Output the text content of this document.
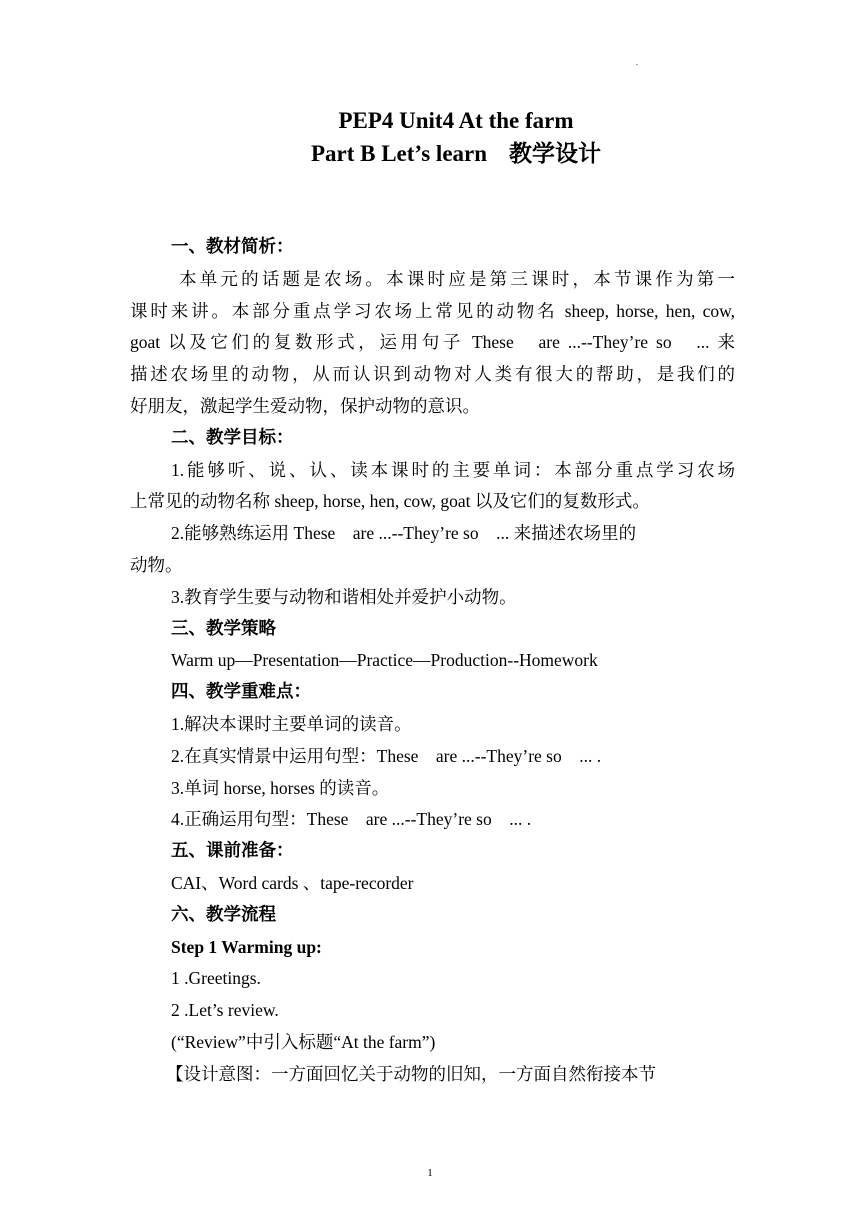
.
PEP4 Unit4 At the farm
Part B Let’s learn 教学设计
一、教材简析：
本单元的话题是农场。本课时应是第三课时，本节课作为第一
课时来讲。本部分重点学习农场上常见的动物名 sheep, horse, hen, cow,
goat 以及它们的复数形式，运用句子 These　are ...--They’re so　... 来
描述农场里的动物，从而认识到动物对人类有很大的帮助，是我们的
好朋友，激起学生爱动物，保护动物的意识。
二、教学目标：
1.能够听、说、认、读本课时的主要单词：本部分重点学习农场
上常见的动物名称 sheep, horse, hen, cow, goat 以及它们的复数形式。
2.能够熟练运用 These　are ...--They’re so　... 来描述农场里的
动物。
3.教育学生要与动物和谐相处并爱护小动物。
三、教学策略
Warm up—Presentation—Practice—Production--Homework
四、教学重难点：
1.解决本课时主要单词的读音。
2.在真实情景中运用句型：These　are ...--They’re so　... .
3.单词 horse, horses 的读音。
4.正确运用句型：These　are ...--They’re so　... .
五、课前准备：
CAI、Word cards 、tape-recorder
六、教学流程
Step 1 Warming up:
1 .Greetings.
2 .Let’s review.
(“Review”中引入标题“At the farm”)
【设计意图：一方面回忆关于动物的旧知，一方面自然衔接本节
1
